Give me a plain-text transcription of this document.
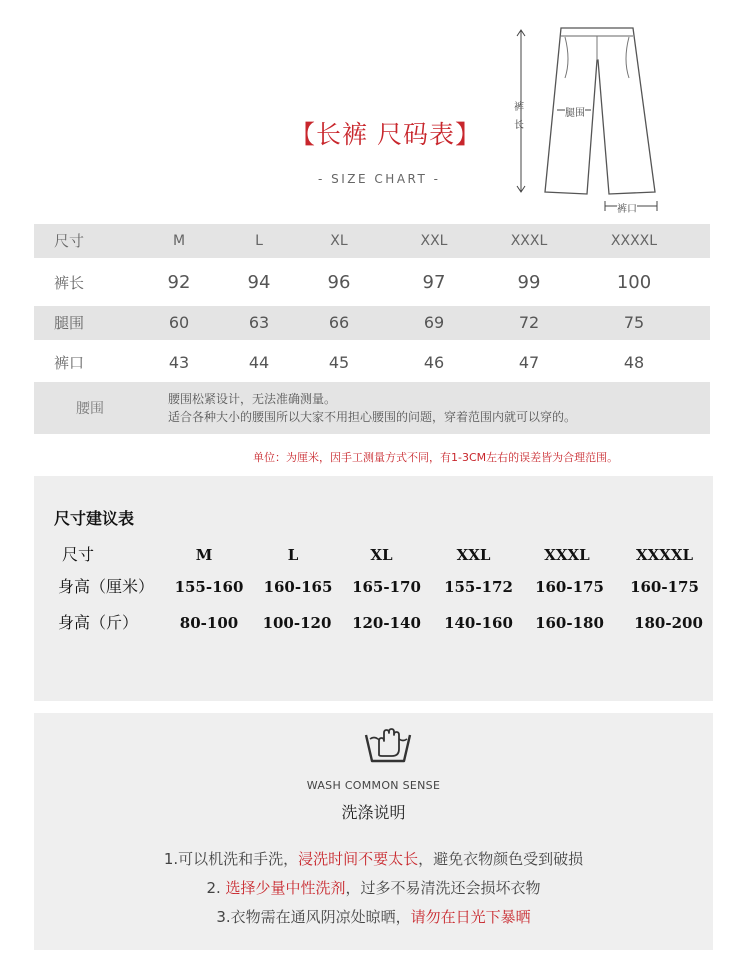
【长裤 尺码表】
- SIZE CHART -
裤
长
腿围
裤口
尺寸	M	L	XL	XXL	XXXL	XXXXL
裤长	92	94	96	97	99	100
腿围	60	63	66	69	72	75
裤口	43	44	45	46	47	48
腰围
腰围松紧设计，无法准确测量。
适合各种大小的腰围所以大家不用担心腰围的问题，穿着范围内就可以穿的。
单位：为厘米，因手工测量方式不同，有1-3CM左右的误差皆为合理范围。
尺寸建议表
尺寸	M	L	XL	XXL	XXXL	XXXXL
身高（厘米）	155-160	160-165	165-170	155-172	160-175	160-175
身高（斤）	80-100	100-120	120-140	140-160	160-180	180-200
WASH COMMON SENSE
洗涤说明
1.可以机洗和手洗，浸洗时间不要太长，避免衣物颜色受到破损
2. 选择少量中性洗剂，过多不易清洗还会损坏衣物
3.衣物需在通风阴凉处晾晒，请勿在日光下暴晒
